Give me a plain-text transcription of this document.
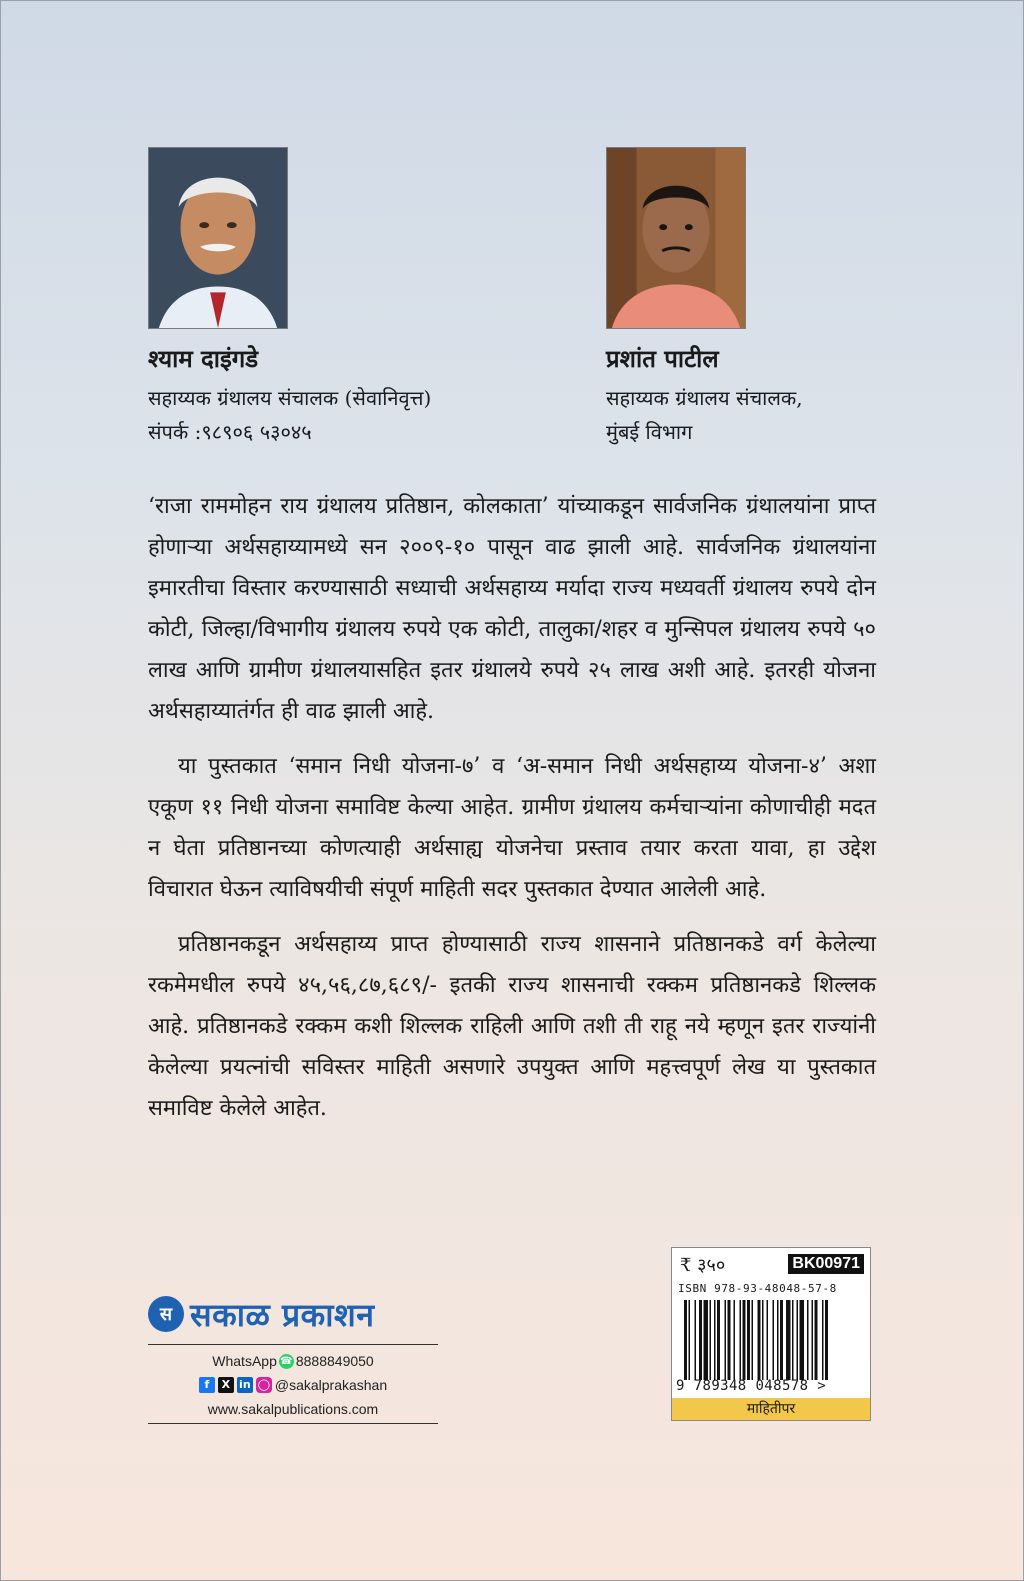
श्याम दाइंगडे
सहाय्यक ग्रंथालय संचालक (सेवानिवृत्त)
संपर्क :९८९०६ ५३०४५
प्रशांत पाटील
सहाय्यक ग्रंथालय संचालक,
मुंबई विभाग

‘राजा राममोहन राय ग्रंथालय प्रतिष्ठान, कोलकाता’ यांच्याकडून सार्वजनिक ग्रंथालयांना प्राप्त होणाऱ्या अर्थसहाय्यामध्ये सन २००९-१० पासून वाढ झाली आहे. सार्वजनिक ग्रंथालयांना इमारतीचा विस्तार करण्यासाठी सध्याची अर्थसहाय्य मर्यादा राज्य मध्यवर्ती ग्रंथालय रुपये दोन कोटी, जिल्हा/विभागीय ग्रंथालय रुपये एक कोटी, तालुका/शहर व मुन्सिपल ग्रंथालय रुपये ५० लाख आणि ग्रामीण ग्रंथालयासहित इतर ग्रंथालये रुपये २५ लाख अशी आहे. इतरही योजना अर्थसहाय्यातंर्गत ही वाढ झाली आहे.

या पुस्तकात ‘समान निधी योजना-७’ व ‘अ-समान निधी अर्थसहाय्य योजना-४’ अशा एकूण ११ निधी योजना समाविष्ट केल्या आहेत. ग्रामीण ग्रंथालय कर्मचाऱ्यांना कोणाचीही मदत न घेता प्रतिष्ठानच्या कोणत्याही अर्थसाह्य योजनेचा प्रस्ताव तयार करता यावा, हा उद्देश विचारात घेऊन त्याविषयीची संपूर्ण माहिती सदर पुस्तकात देण्यात आलेली आहे.

प्रतिष्ठानकडून अर्थसहाय्य प्राप्त होण्यासाठी राज्य शासनाने प्रतिष्ठानकडे वर्ग केलेल्या रकमेमधील रुपये ४५,५६,८७,६८९/- इतकी राज्य शासनाची रक्कम प्रतिष्ठानकडे शिल्लक आहे. प्रतिष्ठानकडे रक्कम कशी शिल्लक राहिली आणि तशी ती राहू नये म्हणून इतर राज्यांनी केलेल्या प्रयत्नांची सविस्तर माहिती असणारे उपयुक्त आणि महत्त्वपूर्ण लेख या पुस्तकात समाविष्ट केलेले आहेत.

स सकाळ प्रकाशन
WhatsApp ☎ 8888849050
f	X in ◯ @sakalprakashan
www.sakalpublications.com
₹ ३५०	BK00971
ISBN 978-93-48048-57-8
9 789348 048578 >
माहितीपर
